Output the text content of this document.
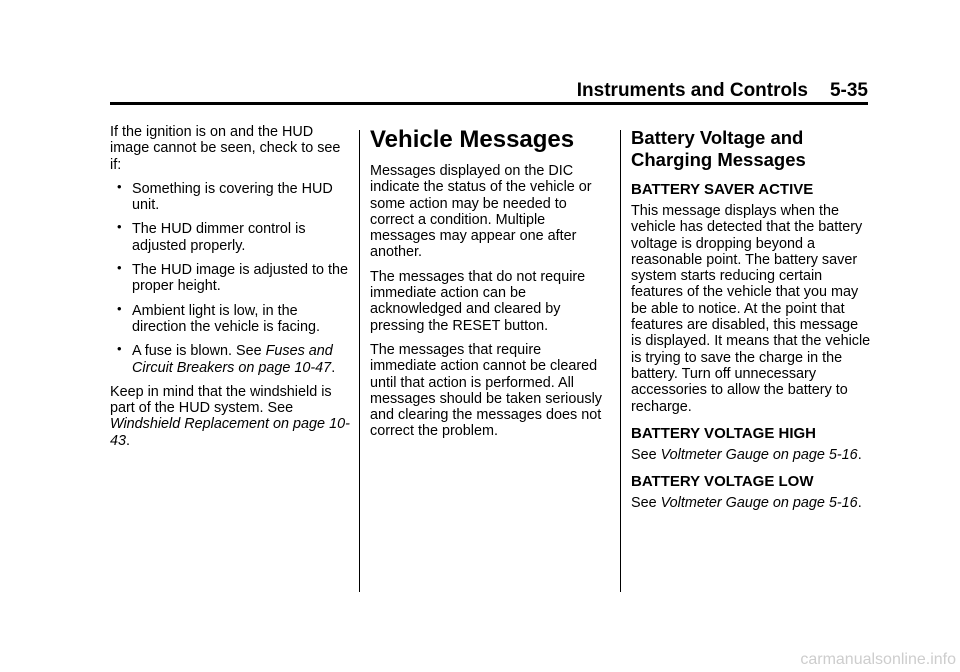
Instruments and Controls 5-35

If the ignition is on and the HUD image cannot be seen, check to see if:

• Something is covering the HUD unit.
• The HUD dimmer control is adjusted properly.
• The HUD image is adjusted to the proper height.
• Ambient light is low, in the direction the vehicle is facing.
• A fuse is blown. See Fuses and Circuit Breakers on page 10-47.

Keep in mind that the windshield is part of the HUD system. See Windshield Replacement on page 10-43.

Vehicle Messages

Messages displayed on the DIC indicate the status of the vehicle or some action may be needed to correct a condition. Multiple messages may appear one after another.

The messages that do not require immediate action can be acknowledged and cleared by pressing the RESET button.

The messages that require immediate action cannot be cleared until that action is performed. All messages should be taken seriously and clearing the messages does not correct the problem.

Battery Voltage and Charging Messages
BATTERY SAVER ACTIVE

This message displays when the vehicle has detected that the battery voltage is dropping beyond a reasonable point. The battery saver system starts reducing certain features of the vehicle that you may be able to notice. At the point that features are disabled, this message is displayed. It means that the vehicle is trying to save the charge in the battery. Turn off unnecessary accessories to allow the battery to recharge.

BATTERY VOLTAGE HIGH

See Voltmeter Gauge on page 5-16.

BATTERY VOLTAGE LOW

See Voltmeter Gauge on page 5-16.

carmanualsonline.info
